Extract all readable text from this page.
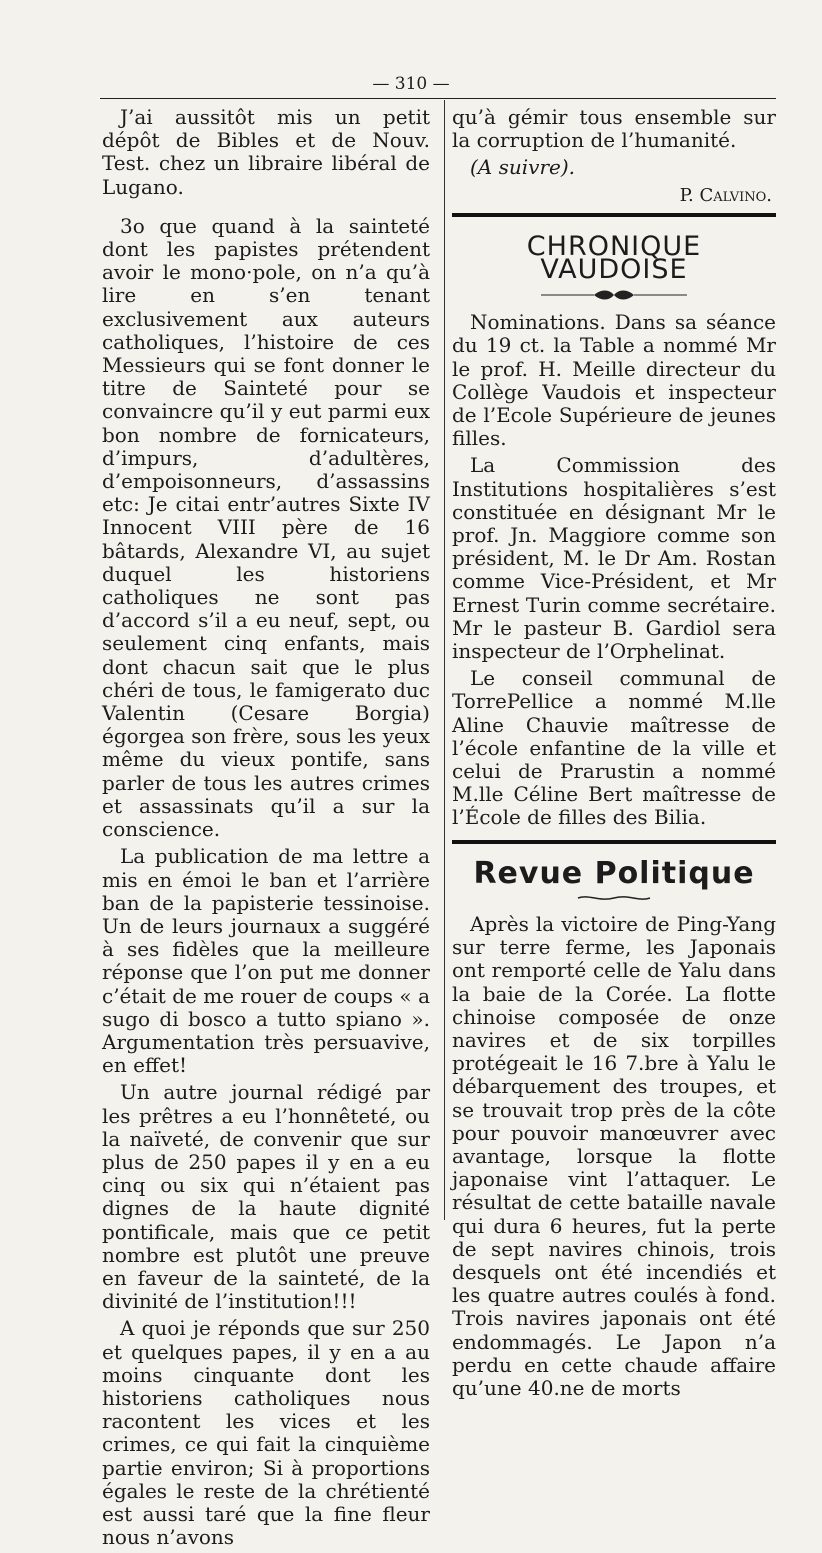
— 310 —

J’ai aussitôt mis un petit dépôt de Bibles et de Nouv. Test. chez un libraire libéral de Lugano.

3o que quand à la sainteté dont les papistes prétendent avoir le mono·pole, on n’a qu’à lire en s’en tenant exclusivement aux auteurs catholiques, l’histoire de ces Messieurs qui se font donner le titre de Sainteté pour se convaincre qu’il y eut parmi eux bon nombre de fornicateurs, d’impurs, d’adultères, d’empoisonneurs, d’assassins etc: Je citai entr’autres Sixte IV Innocent VIII père de 16 bâtards, Alexandre VI, au sujet duquel les historiens catholiques ne sont pas d’accord s’il a eu neuf, sept, ou seulement cinq enfants, mais dont chacun sait que le plus chéri de tous, le famigerato duc Valentin (Cesare Borgia) égorgea son frère, sous les yeux même du vieux pontife, sans parler de tous les autres crimes et assassinats qu’il a sur la conscience.

La publication de ma lettre a mis en émoi le ban et l’arrière ban de la papisterie tessinoise. Un de leurs journaux a suggéré à ses fidèles que la meilleure réponse que l’on put me donner c’était de me rouer de coups « a sugo di bosco a tutto spiano ». Argumentation très persuavive, en effet!

Un autre journal rédigé par les prêtres a eu l’honnêteté, ou la naïveté, de convenir que sur plus de 250 papes il y en a eu cinq ou six qui n’étaient pas dignes de la haute dignité pontificale, mais que ce petit nombre est plutôt une preuve en faveur de la sainteté, de la divinité de l’institution!!!

A quoi je réponds que sur 250 et quelques papes, il y en a au moins cinquante dont les historiens catholiques nous racontent les vices et les crimes, ce qui fait la cinquième partie environ; Si à proportions égales le reste de la chrétienté est aussi taré que la fine fleur nous n’avons

qu’à gémir tous ensemble sur la corruption de l’humanité.

(A suivre).

P. Calvino.
CHRONIQUE VAUDOISE

Nominations. Dans sa séance du 19 ct. la Table a nommé Mr le prof. H. Meille directeur du Collège Vaudois et inspecteur de l’Ecole Supérieure de jeunes filles.

La Commission des Institutions hospitalières s’est constituée en désignant Mr le prof. Jn. Maggiore comme son président, M. le Dr Am. Rostan comme Vice-Président, et Mr Ernest Turin comme secrétaire. Mr le pasteur B. Gardiol sera inspecteur de l’Orphelinat.

Le conseil communal de TorrePellice a nommé M.lle Aline Chauvie maîtresse de l’école enfantine de la ville et celui de Prarustin a nommé M.lle Céline Bert maîtresse de l’École de filles des Bilia.

Revue Politique

Après la victoire de Ping-Yang sur terre ferme, les Japonais ont remporté celle de Yalu dans la baie de la Corée. La flotte chinoise composée de onze navires et de six torpilles protégeait le 16 7.bre à Yalu le débarquement des troupes, et se trouvait trop près de la côte pour pouvoir manœuvrer avec avantage, lorsque la flotte japonaise vint l’attaquer. Le résultat de cette bataille navale qui dura 6 heures, fut la perte de sept navires chinois, trois desquels ont été incendiés et les quatre autres coulés à fond. Trois navires japonais ont été endommagés. Le Japon n’a perdu en cette chaude affaire qu’une 40.ne de morts
